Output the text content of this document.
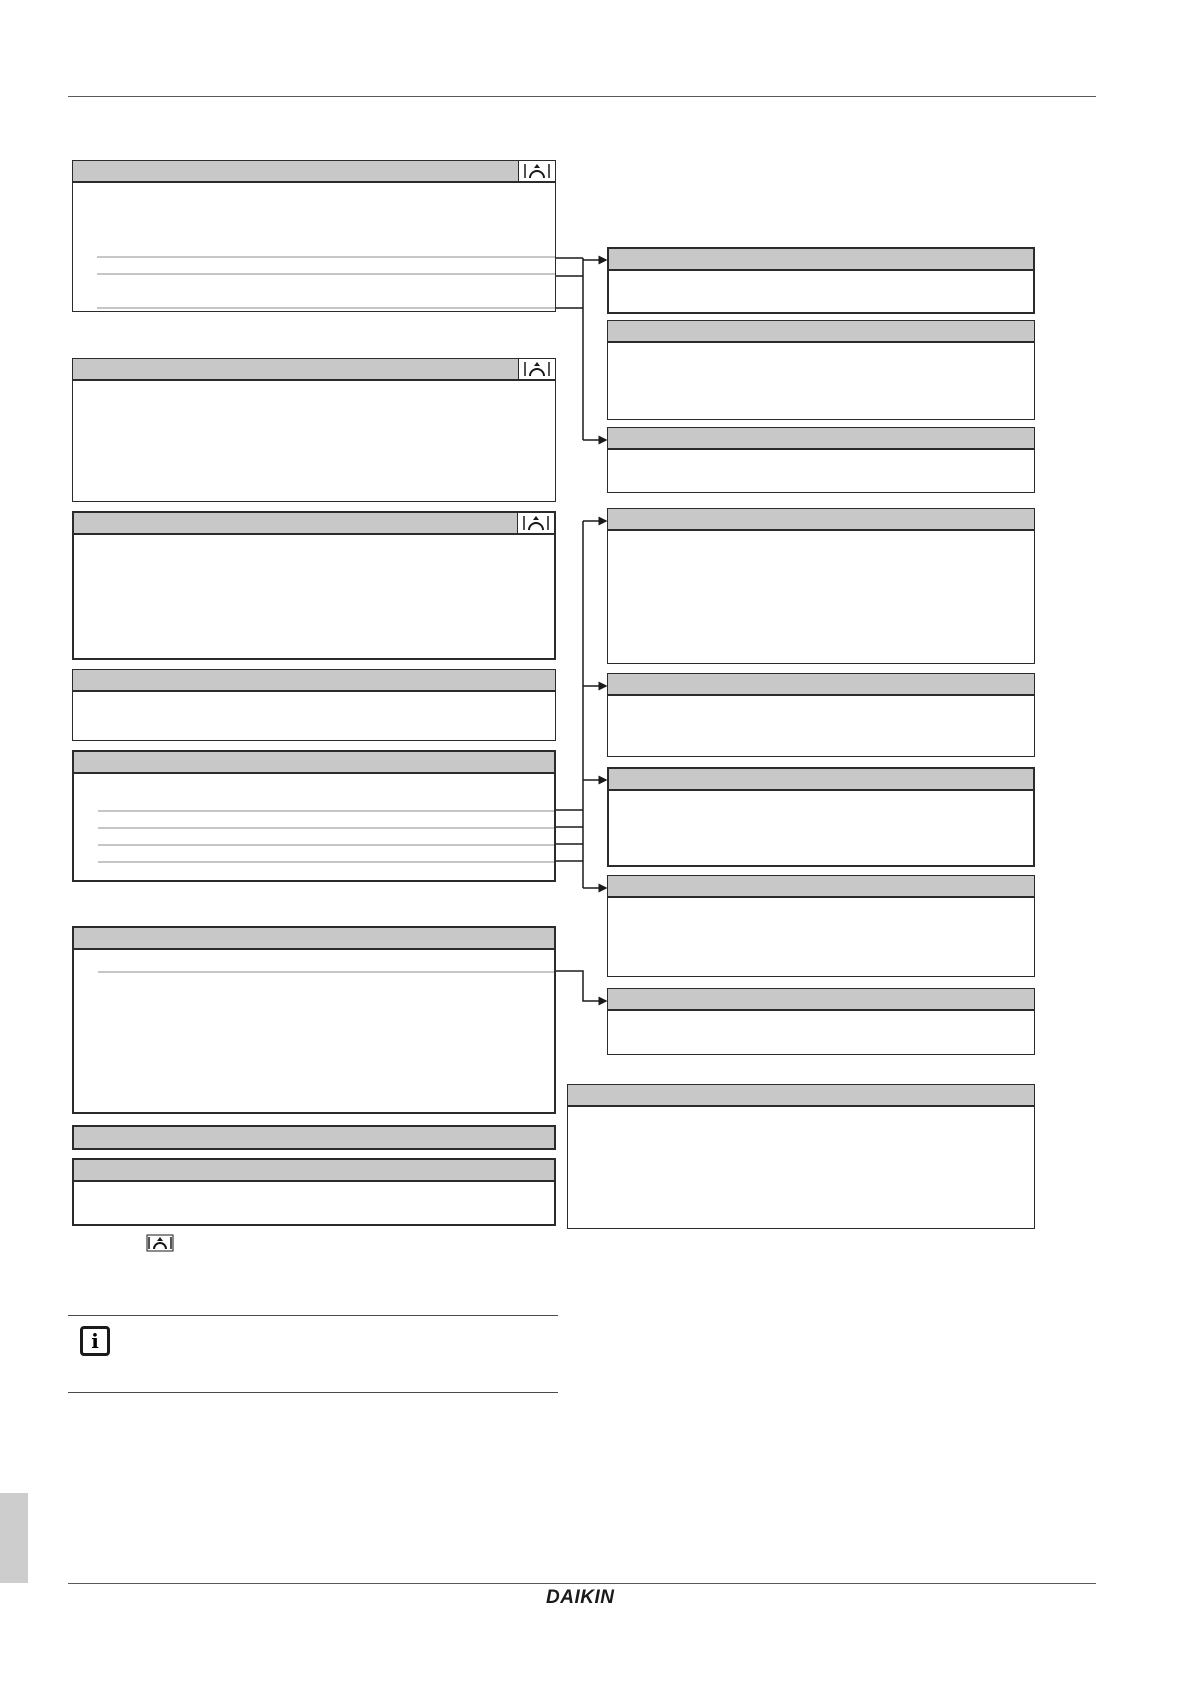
i
DAIKIN
